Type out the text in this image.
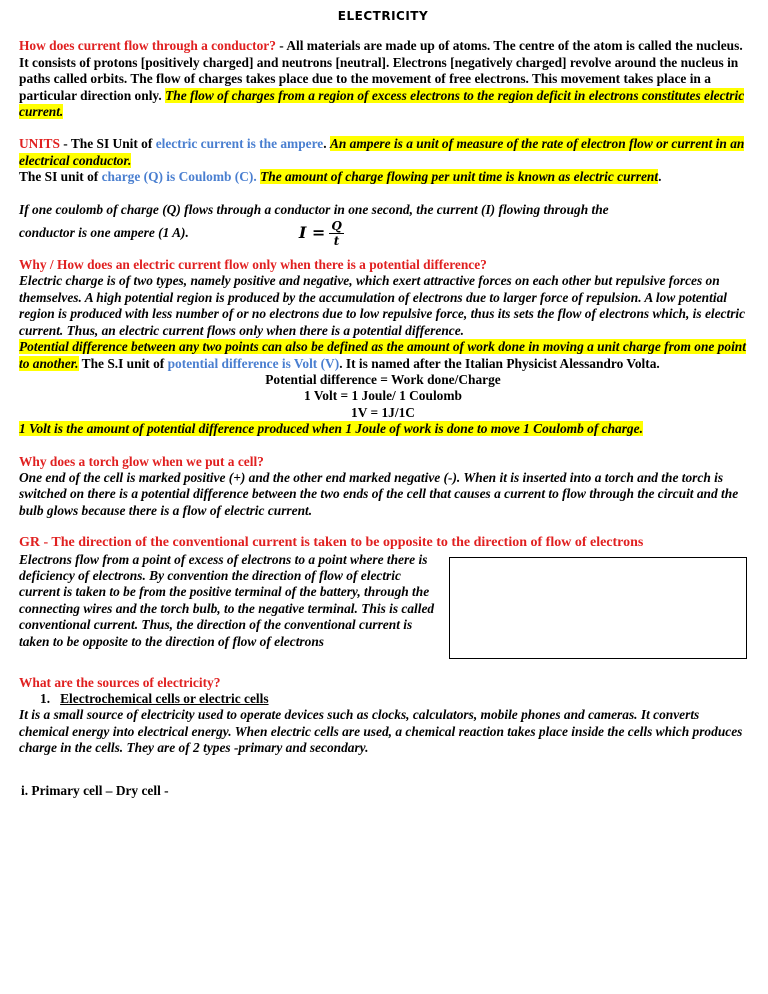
ELECTRICITY

How does current flow through a conductor? - All materials are made up of atoms. The centre of the atom is called the nucleus. It consists of protons [positively charged] and neutrons [neutral]. Electrons [negatively charged] revolve around the nucleus in paths called orbits. The flow of charges takes place due to the movement of free electrons. This movement takes place in a particular direction only. The flow of charges from a region of excess electrons to the region deficit in electrons constitutes electric current.

UNITS - The SI Unit of electric current is the ampere. An ampere is a unit of measure of the rate of electron flow or current in an electrical conductor.
The SI unit of charge (Q) is Coulomb (C). The amount of charge flowing per unit time is known as electric current.

If one coulomb of charge (Q) flows through a conductor in one second, the current (I) flowing through the

conductor is one ampere (1 A).	$I = \frac{Q}{t}$

Why / How does an electric current flow only when there is a potential difference?

Electric charge is of two types, namely positive and negative, which exert attractive forces on each other but repulsive forces on themselves. A high potential region is produced by the accumulation of electrons due to larger force of repulsion. A low potential region is produced with less number of or no electrons due to low repulsive force, thus its sets the flow of electrons which, is electric current. Thus, an electric current flows only when there is a potential difference.

Potential difference between any two points can also be defined as the amount of work done in moving a unit charge from one point to another. The S.I unit of potential difference is Volt (V). It is named after the Italian Physicist Alessandro Volta.

Potential difference = Work done/Charge

1 Volt = 1 Joule/ 1 Coulomb

1V = 1J/1C

1 Volt is the amount of potential difference produced when 1 Joule of work is done to move 1 Coulomb of charge.

Why does a torch glow when we put a cell?

One end of the cell is marked positive (+) and the other end marked negative (-). When it is inserted into a torch and the torch is switched on there is a potential difference between the two ends of the cell that causes a current to flow through the circuit and the bulb glows because there is a flow of electric current.

GR - The direction of the conventional current is taken to be opposite to the direction of flow of electrons

Electrons flow from a point of excess of electrons to a point where there is deficiency of electrons. By convention the direction of flow of electric current is taken to be from the positive terminal of the battery, through the connecting wires and the torch bulb, to the negative terminal. This is called conventional current. Thus, the direction of the conventional current is taken to be opposite to the direction of flow of electrons

What are the sources of electricity?

1. Electrochemical cells or electric cells

It is a small source of electricity used to operate devices such as clocks, calculators, mobile phones and cameras. It converts chemical energy into electrical energy. When electric cells are used, a chemical reaction takes place inside the cells which produces charge in the cells. They are of 2 types -primary and secondary.

i. Primary cell – Dry cell -
